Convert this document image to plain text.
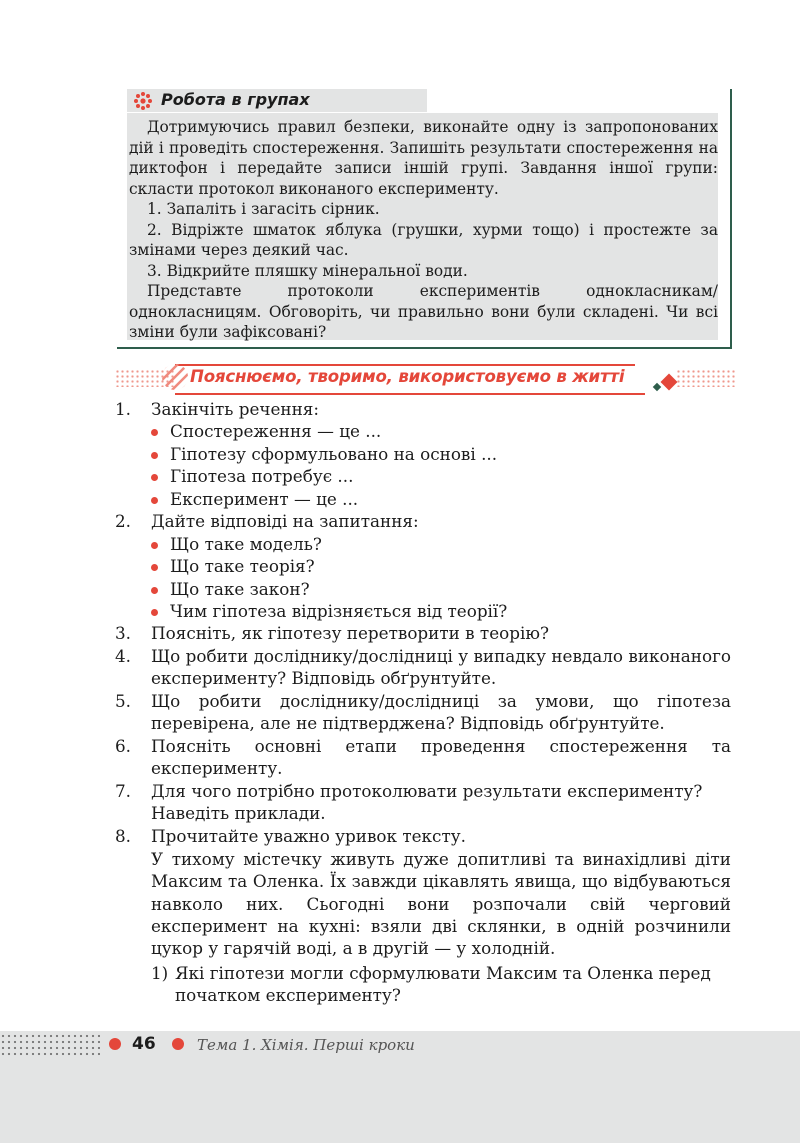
Робота в групах

Дотримуючись правил безпеки, виконайте одну із запропонованих дій і проведіть спостереження. Запишіть результати спостереження на диктофон і передайте записи іншій групі. Завдання іншої групи: скласти протокол виконаного експерименту.

1. Запаліть і загасіть сірник.

2. Відріжте шматок яблука (грушки, хурми тощо) і простежте за змінами через деякий час.

3. Відкрийте пляшку мінеральної води.

Представте протоколи експериментів однокласникам/однокласницям. Обговоріть, чи правильно вони були складені. Чи всі зміни були зафіксовані?

Пояснюємо, творимо, використовуємо в житті
1.	Закінчіть речення:
Спостереження — це ...
Гіпотезу сформульовано на основі ...
Гіпотеза потребує ...
Експеримент — це ...
2.	Дайте відповіді на запитання:
Що таке модель?
Що таке теорія?
Що таке закон?
Чим гіпотеза відрізняється від теорії?
3.	Поясніть, як гіпотезу перетворити в теорію?
4.	Що робити досліднику/дослідниці у випадку невдало виконаного експерименту? Відповідь обґрунтуйте.
5.	Що робити досліднику/дослідниці за умови, що гіпотеза перевірена, але не підтверджена? Відповідь обґрунтуйте.
6.	Поясніть основні етапи проведення спостереження та експерименту.
7.	Для чого потрібно протоколювати результати експерименту? Наведіть приклади.
8.	Прочитайте уважно уривок тексту.
У тихому містечку живуть дуже допитливі та винахідливі діти Максим та Оленка. Їх завжди цікавлять явища, що відбуваються навколо них. Сьогодні вони розпочали свій черговий експеримент на кухні: взяли дві склянки, в одній розчинили цукор у гарячій воді, а в другій — у холодній.
1) Які гіпотези могли сформулювати Максим та Оленка перед початком експерименту?
46	Тема 1. Хімія. Перші кроки
